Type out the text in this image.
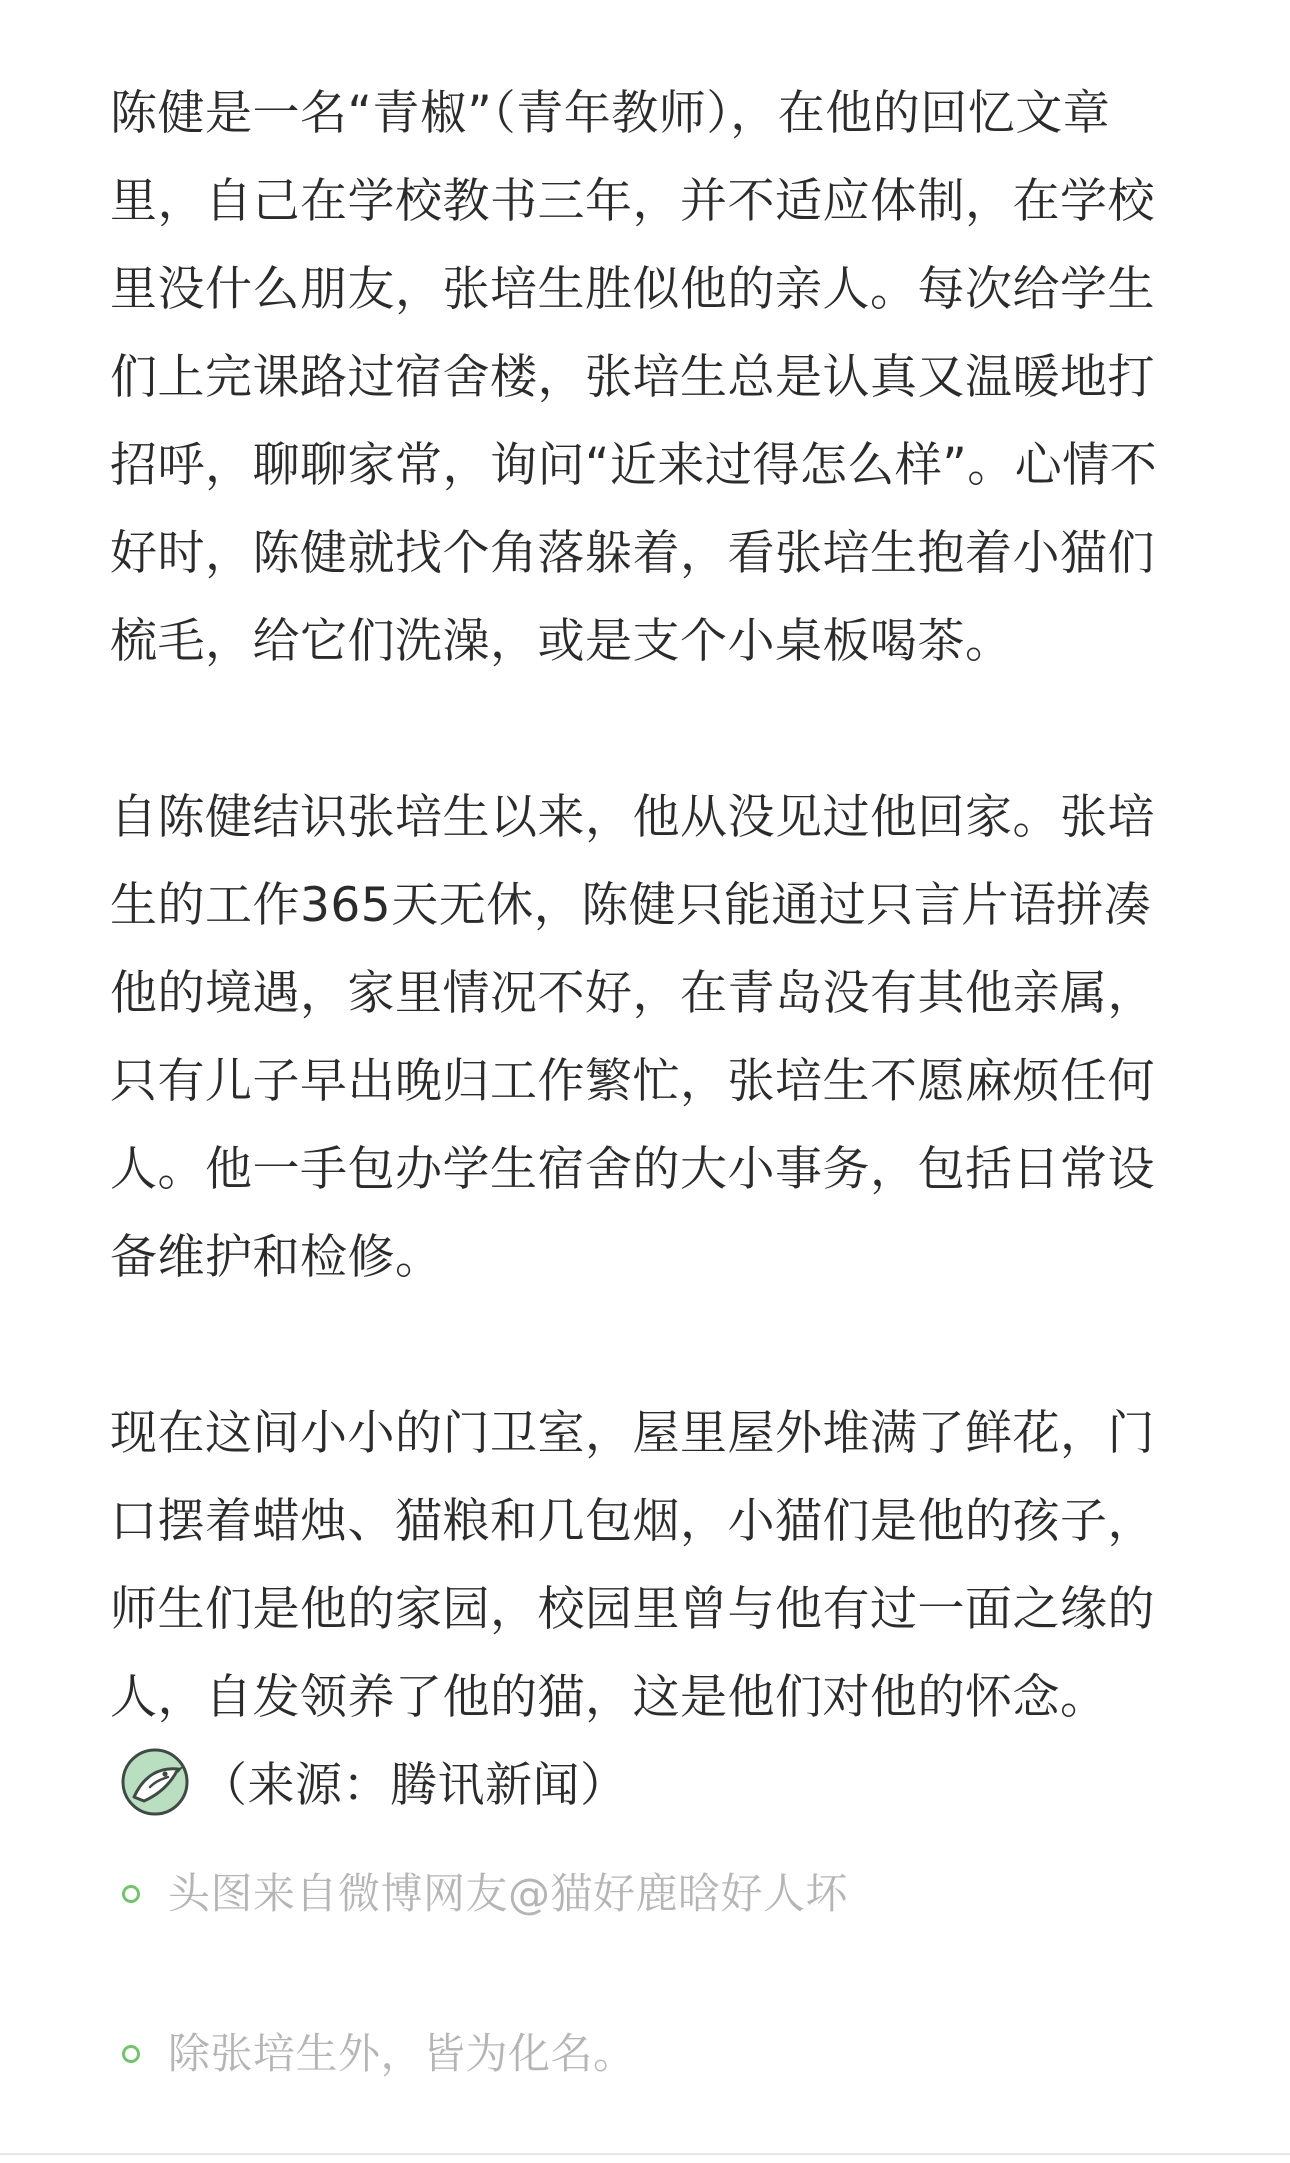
陈健是一名“青椒”（青年教师），在他的回忆文章里，自己在学校教书三年，并不适应体制，在学校里没什么朋友，张培生胜似他的亲人。每次给学生们上完课路过宿舍楼，张培生总是认真又温暖地打招呼，聊聊家常，询问“近来过得怎么样”。心情不好时，陈健就找个角落躲着，看张培生抱着小猫们梳毛，给它们洗澡，或是支个小桌板喝茶。

自陈健结识张培生以来，他从没见过他回家。张培生的工作365天无休，陈健只能通过只言片语拼凑他的境遇，家里情况不好，在青岛没有其他亲属，只有儿子早出晚归工作繁忙，张培生不愿麻烦任何人。他一手包办学生宿舍的大小事务，包括日常设备维护和检修。

现在这间小小的门卫室，屋里屋外堆满了鲜花，门口摆着蜡烛、猫粮和几包烟，小猫们是他的孩子，师生们是他的家园，校园里曾与他有过一面之缘的人，自发领养了他的猫，这是他们对他的怀念。（来源：腾讯新闻）

头图来自微博网友@猫好鹿晗好人坏
除张培生外，皆为化名。
